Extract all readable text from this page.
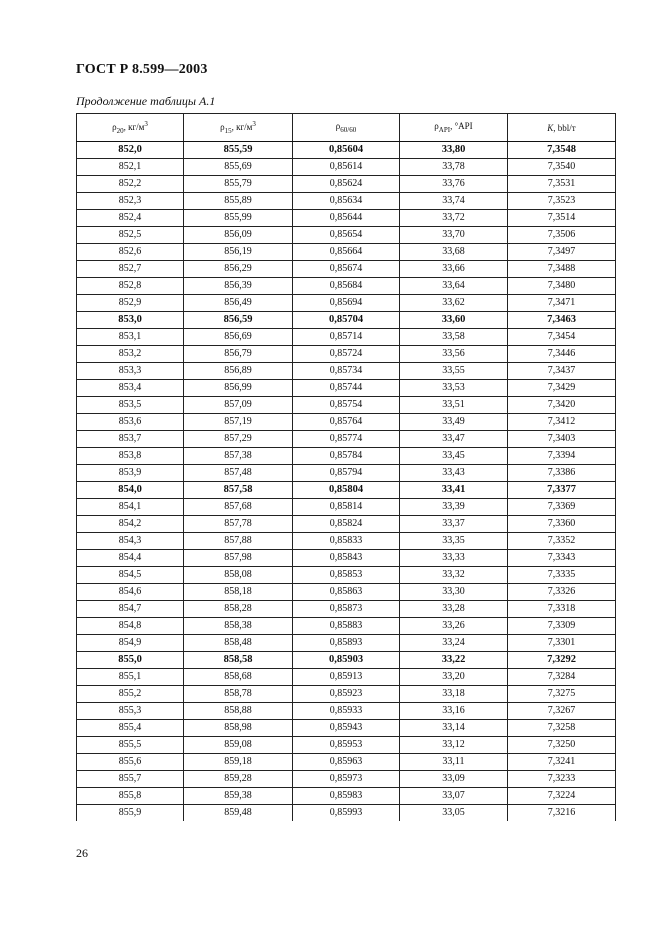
ГОСТ Р 8.599—2003
Продолжение таблицы А.1
$\rho_{20}$, $кг/м^3$	$\rho_{15}$, $кг/м^3$	$\rho_{60/60}$	$\rho_{API}$, °API	K, bbl/т
852,0	855,59	0,85604	33,80	7,3548
852,1	855,69	0,85614	33,78	7,3540
852,2	855,79	0,85624	33,76	7,3531
852,3	855,89	0,85634	33,74	7,3523
852,4	855,99	0,85644	33,72	7,3514
852,5	856,09	0,85654	33,70	7,3506
852,6	856,19	0,85664	33,68	7,3497
852,7	856,29	0,85674	33,66	7,3488
852,8	856,39	0,85684	33,64	7,3480
852,9	856,49	0,85694	33,62	7,3471
853,0	856,59	0,85704	33,60	7,3463
853,1	856,69	0,85714	33,58	7,3454
853,2	856,79	0,85724	33,56	7,3446
853,3	856,89	0,85734	33,55	7,3437
853,4	856,99	0,85744	33,53	7,3429
853,5	857,09	0,85754	33,51	7,3420
853,6	857,19	0,85764	33,49	7,3412
853,7	857,29	0,85774	33,47	7,3403
853,8	857,38	0,85784	33,45	7,3394
853,9	857,48	0,85794	33,43	7,3386
854,0	857,58	0,85804	33,41	7,3377
854,1	857,68	0,85814	33,39	7,3369
854,2	857,78	0,85824	33,37	7,3360
854,3	857,88	0,85833	33,35	7,3352
854,4	857,98	0,85843	33,33	7,3343
854,5	858,08	0,85853	33,32	7,3335
854,6	858,18	0,85863	33,30	7,3326
854,7	858,28	0,85873	33,28	7,3318
854,8	858,38	0,85883	33,26	7,3309
854,9	858,48	0,85893	33,24	7,3301
855,0	858,58	0,85903	33,22	7,3292
855,1	858,68	0,85913	33,20	7,3284
855,2	858,78	0,85923	33,18	7,3275
855,3	858,88	0,85933	33,16	7,3267
855,4	858,98	0,85943	33,14	7,3258
855,5	859,08	0,85953	33,12	7,3250
855,6	859,18	0,85963	33,11	7,3241
855,7	859,28	0,85973	33,09	7,3233
855,8	859,38	0,85983	33,07	7,3224
855,9	859,48	0,85993	33,05	7,3216
26
